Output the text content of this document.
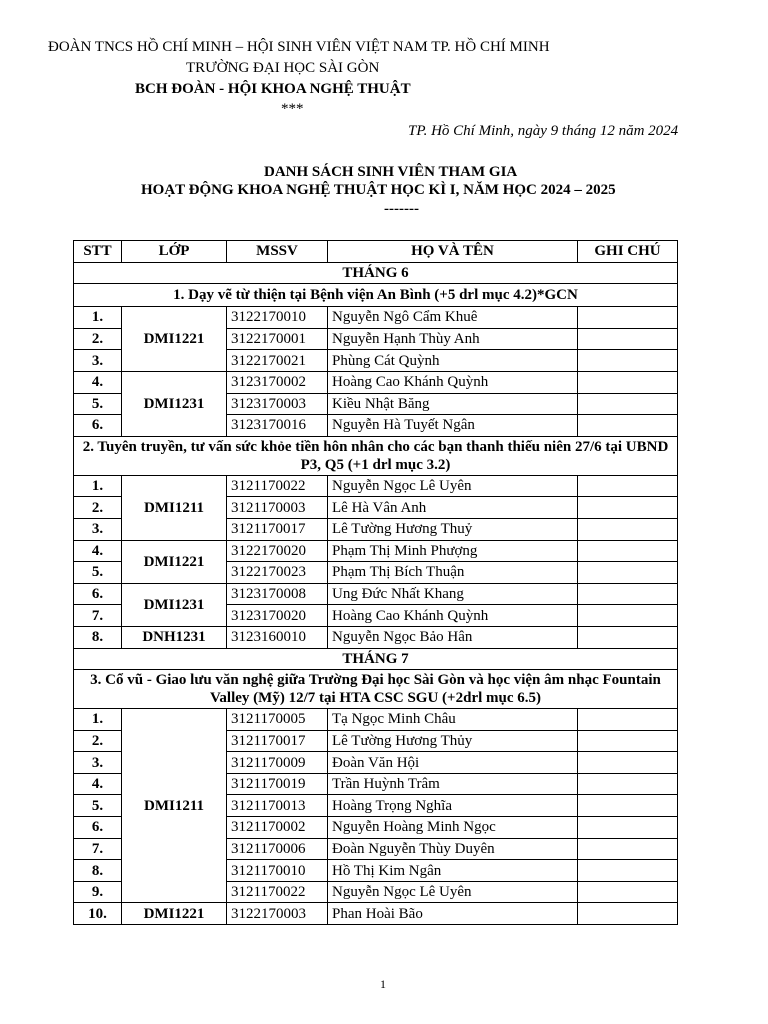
ĐOÀN TNCS HỒ CHÍ MINH – HỘI SINH VIÊN VIỆT NAM TP. HỒ CHÍ MINH
TRƯỜNG ĐẠI HỌC SÀI GÒN
BCH ĐOÀN - HỘI KHOA NGHỆ THUẬT
***
TP. Hồ Chí Minh, ngày 9 tháng 12 năm 2024
DANH SÁCH SINH VIÊN THAM GIA
HOẠT ĐỘNG KHOA NGHỆ THUẬT HỌC KÌ I, NĂM HỌC 2024 – 2025
-------
STT	LỚP	MSSV	HỌ VÀ TÊN	GHI CHÚ
THÁNG 6				
1. Dạy vẽ từ thiện tại Bệnh viện An Bình (+5 drl mục 4.2)*GCN				
1.	DMI1221	3122170010	Nguyễn Ngô Cẩm Khuê	
2.		3122170001	Nguyễn Hạnh Thùy Anh	
3.		3122170021	Phùng Cát Quỳnh	
4.	DMI1231	3123170002	Hoàng Cao Khánh Quỳnh	
5.		3123170003	Kiều Nhật Băng	
6.		3123170016	Nguyễn Hà Tuyết Ngân	
2. Tuyên truyền, tư vấn sức khỏe tiền hôn nhân cho các bạn thanh thiếu niên 27/6 tại UBND P3, Q5 (+1 drl mục 3.2)				
1.	DMI1211	3121170022	Nguyễn Ngọc Lê Uyên	
2.		3121170003	Lê Hà Vân Anh	
3.		3121170017	Lê Tường Hương Thuỷ	
4.	DMI1221	3122170020	Phạm Thị Minh Phượng	
5.		3122170023	Phạm Thị Bích Thuận	
6.	DMI1231	3123170008	Ung Đức Nhất Khang	
7.		3123170020	Hoàng Cao Khánh Quỳnh	
8.	DNH1231	3123160010	Nguyễn Ngọc Bảo Hân	
THÁNG 7				
3. Cổ vũ - Giao lưu văn nghệ giữa Trường Đại học Sài Gòn và học viện âm nhạc Fountain Valley (Mỹ) 12/7 tại HTA CSC SGU (+2drl mục 6.5)				
1.	DMI1211	3121170005	Tạ Ngọc Minh Châu	
2.		3121170017	Lê Tường Hương Thủy	
3.		3121170009	Đoàn Văn Hội	
4.		3121170019	Trần Huỳnh Trâm	
5.		3121170013	Hoàng Trọng Nghĩa	
6.		3121170002	Nguyễn Hoàng Minh Ngọc	
7.		3121170006	Đoàn Nguyễn Thùy Duyên	
8.		3121170010	Hồ Thị Kim Ngân	
9.		3121170022	Nguyễn Ngọc Lê Uyên	
10.	DMI1221	3122170003	Phan Hoài Bão	
1
